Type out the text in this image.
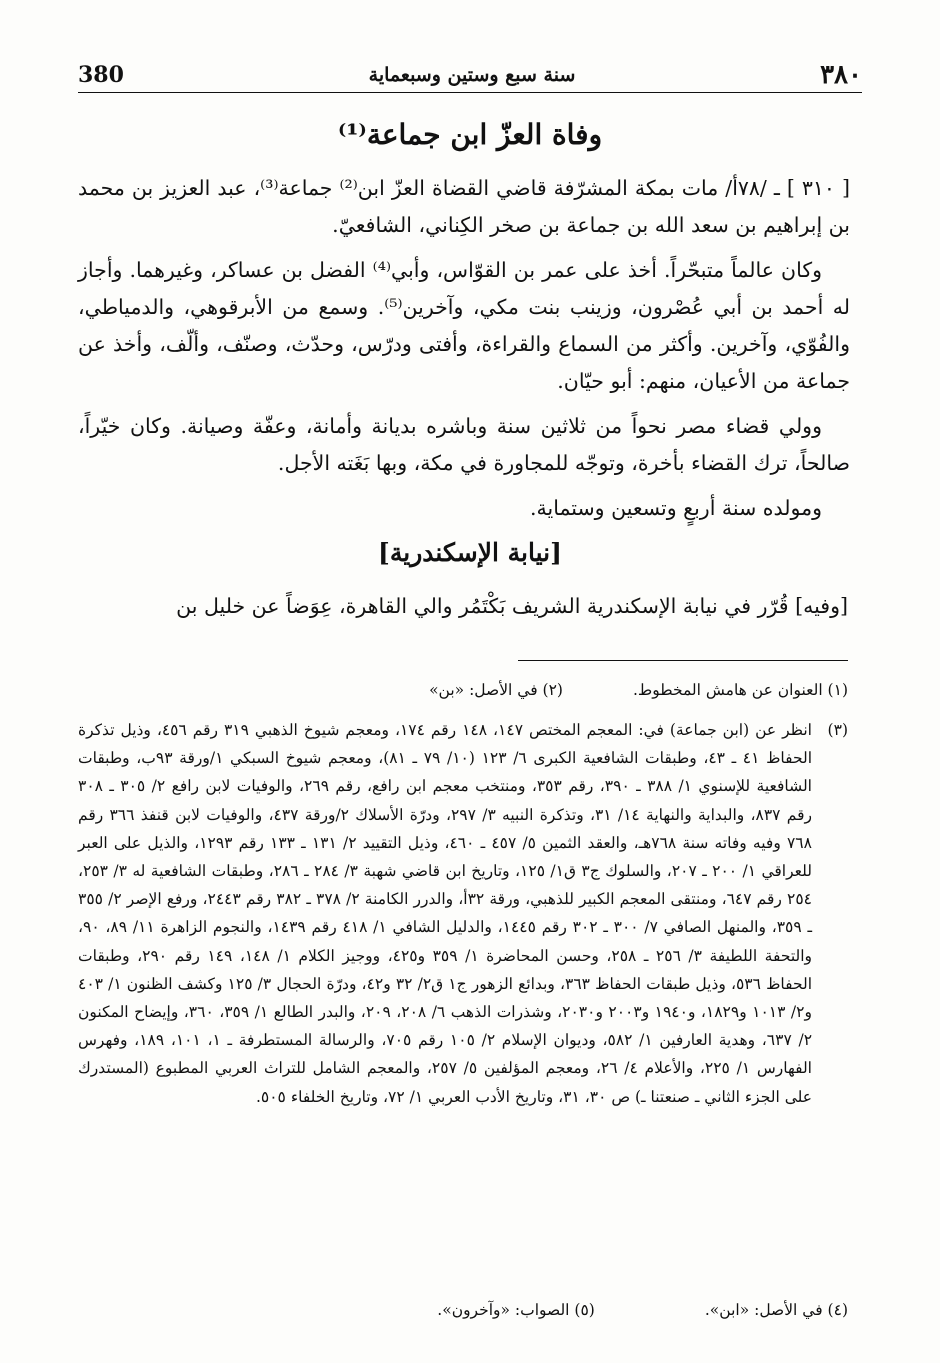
٣٨٠
سنة سبع وستين وسبعماية
380
وفاة العزّ ابن جماعة⁽¹⁾

[ ٣١٠ ] ـ /٧٨أ/ مات بمكة المشرّفة قاضي القضاة العزّ ابن⁽²⁾ جماعة⁽³⁾، عبد العزيز بن محمد بن إبراهيم بن سعد الله بن جماعة بن صخر الكِناني، الشافعيّ.

وكان عالماً متبحّراً. أخذ على عمر بن القوّاس، وأبي⁽⁴⁾ الفضل بن عساكر، وغيرهما. وأجاز له أحمد بن أبي عُصْرون، وزينب بنت مكي، وآخرين⁽⁵⁾. وسمع من الأبرقوهي، والدمياطي، والفُوّي، وآخرين. وأكثر من السماع والقراءة، وأفتى ودرّس، وحدّث، وصنّف، وألّف، وأخذ عن جماعة من الأعيان، منهم: أبو حيّان.

وولي قضاء مصر نحواً من ثلاثين سنة وباشره بديانة وأمانة، وعفّة وصيانة. وكان خيّراً، صالحاً، ترك القضاء بأخرة، وتوجّه للمجاورة في مكة، وبها بَغَته الأجل.

ومولده سنة أربعٍ وتسعين وستماية.

[نيابة الإسكندرية]
[وفيه] قُرّر في نيابة الإسكندرية الشريف بَكْتَمُر والي القاهرة، عِوَضاً عن خليل بن
(١) العنوان عن هامش المخطوط.
(٢) في الأصل: «بن»
(٣)
انظر عن (ابن جماعة) في: المعجم المختص ١٤٧، ١٤٨ رقم ١٧٤، ومعجم شيوخ الذهبي ٣١٩ رقم ٤٥٦، وذيل تذكرة الحفاظ ٤١ ـ ٤٣، وطبقات الشافعية الكبرى ٦/ ١٢٣ (١٠/ ٧٩ ـ ٨١)، ومعجم شيوخ السبكي ١/ورقة ٩٣ب، وطبقات الشافعية للإسنوي ١/ ٣٨٨ ـ ٣٩٠، رقم ٣٥٣، ومنتخب معجم ابن رافع، رقم ٢٦٩، والوفيات لابن رافع ٢/ ٣٠٥ ـ ٣٠٨ رقم ٨٣٧، والبداية والنهاية ١٤/ ٣١، وتذكرة النبيه ٣/ ٢٩٧، ودرّة الأسلاك ٢/ورقة ٤٣٧، والوفيات لابن قنفذ ٣٦٦ رقم ٧٦٨ وفيه وفاته سنة ٧٦٨هـ، والعقد الثمين ٥/ ٤٥٧ ـ ٤٦٠، وذيل التقييد ٢/ ١٣١ ـ ١٣٣ رقم ١٢٩٣، والذيل على العبر للعراقي ١/ ٢٠٠ ـ ٢٠٧، والسلوك ج٣ ق١/ ١٢٥، وتاريخ ابن قاضي شهبة ٣/ ٢٨٤ ـ ٢٨٦، وطبقات الشافعية له ٣/ ٢٥٣، ٢٥٤ رقم ٦٤٧، ومنتقى المعجم الكبير للذهبي، ورقة ٣٢أ، والدرر الكامنة ٢/ ٣٧٨ ـ ٣٨٢ رقم ٢٤٤٣، ورفع الإصر ٢/ ٣٥٥ ـ ٣٥٩، والمنهل الصافي ٧/ ٣٠٠ ـ ٣٠٢ رقم ١٤٤٥، والدليل الشافي ١/ ٤١٨ رقم ١٤٣٩، والنجوم الزاهرة ١١/ ٨٩، ٩٠، والتحفة اللطيفة ٣/ ٢٥٦ ـ ٢٥٨، وحسن المحاضرة ١/ ٣٥٩ و٤٢٥، ووجيز الكلام ١/ ١٤٨، ١٤٩ رقم ٢٩٠، وطبقات الحفاظ ٥٣٦، وذيل طبقات الحفاظ ٣٦٣، وبدائع الزهور ج١ ق٢/ ٣٢ و٤٢، ودرّة الحجال ٣/ ١٢٥ وكشف الظنون ١/ ٤٠٣ و٢/ ١٠١٣ و١٨٢٩، و١٩٤٠ و٢٠٠٣ و٢٠٣٠، وشذرات الذهب ٦/ ٢٠٨، ٢٠٩، والبدر الطالع ١/ ٣٥٩، ٣٦٠، وإيضاح المكنون ٢/ ٦٣٧، وهدية العارفين ١/ ٥٨٢، وديوان الإسلام ٢/ ١٠٥ رقم ٧٠٥، والرسالة المستطرفة ـ ١، ١٠١، ١٨٩، وفهرس الفهارس ١/ ٢٢٥، والأعلام ٤/ ٢٦، ومعجم المؤلفين ٥/ ٢٥٧، والمعجم الشامل للتراث العربي المطبوع (المستدرك على الجزء الثاني ـ صنعتنا ـ) ص ٣٠، ٣١، وتاريخ الأدب العربي ١/ ٧٢، وتاريخ الخلفاء ٥٠٥.
(٤) في الأصل: «ابن».
(٥) الصواب: «وآخرون».
